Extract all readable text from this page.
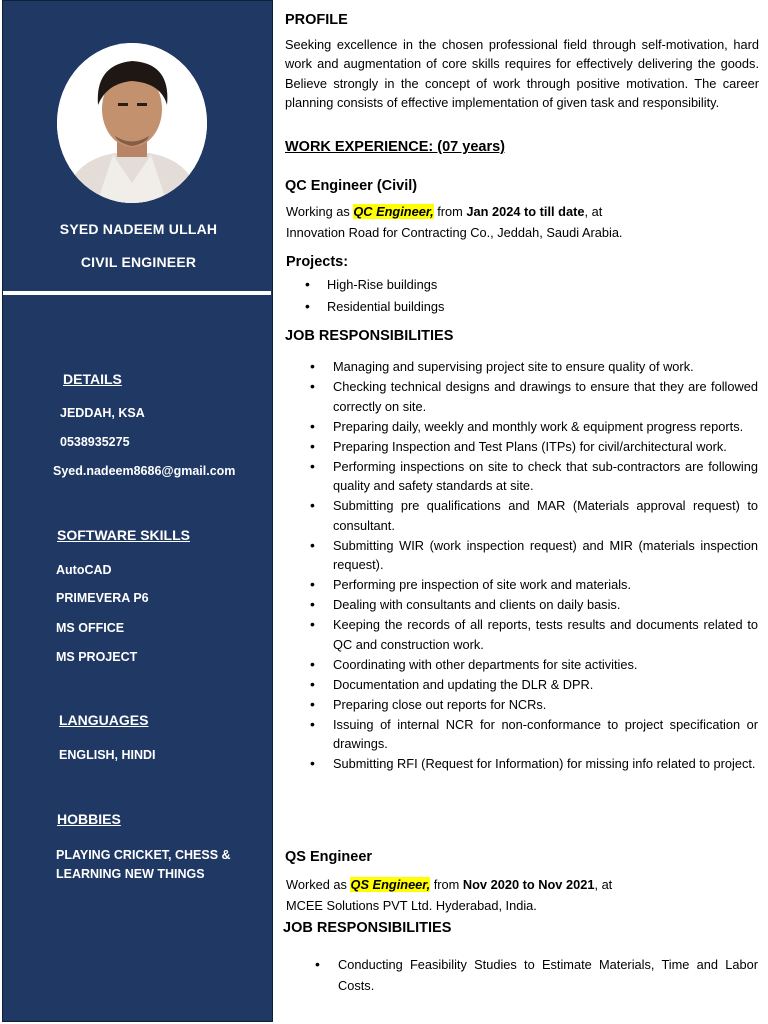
SYED NADEEM ULLAH
CIVIL ENGINEER
DETAILS
JEDDAH, KSA
0538935275
Syed.nadeem8686@gmail.com
SOFTWARE SKILLS
AutoCAD
PRIMEVERA P6
MS OFFICE
MS PROJECT
LANGUAGES
ENGLISH, HINDI
HOBBIES
PLAYING CRICKET, CHESS &
LEARNING NEW THINGS
PROFILE
Seeking excellence in the chosen professional field through self-motivation, hard work and augmentation of core skills requires for effectively delivering the goods. Believe strongly in the concept of work through positive motivation. The career planning consists of effective implementation of given task and responsibility.
WORK EXPERIENCE: (07 years)
QC Engineer (Civil)
Working as QC Engineer, from Jan 2024 to till date, at
Innovation Road for Contracting Co., Jeddah, Saudi Arabia.
Projects:
• High-Rise buildings
• Residential buildings
JOB RESPONSIBILITIES
• Managing and supervising project site to ensure quality of work.
• Checking technical designs and drawings to ensure that they are followed correctly on site.
• Preparing daily, weekly and monthly work & equipment progress reports.
• Preparing Inspection and Test Plans (ITPs) for civil/architectural work.
• Performing inspections on site to check that sub-contractors are following quality and safety standards at site.
• Submitting pre qualifications and MAR (Materials approval request) to consultant.
• Submitting WIR (work inspection request) and MIR (materials inspection request).
• Performing pre inspection of site work and materials.
• Dealing with consultants and clients on daily basis.
• Keeping the records of all reports, tests results and documents related to QC and construction work.
• Coordinating with other departments for site activities.
• Documentation and updating the DLR & DPR.
• Preparing close out reports for NCRs.
• Issuing of internal NCR for non-conformance to project specification or drawings.
• Submitting RFI (Request for Information) for missing info related to project.
QS Engineer
Worked as QS Engineer, from Nov 2020 to Nov 2021, at
MCEE Solutions PVT Ltd. Hyderabad, India.
JOB RESPONSIBILITIES
• Conducting Feasibility Studies to Estimate Materials, Time and Labor Costs.
